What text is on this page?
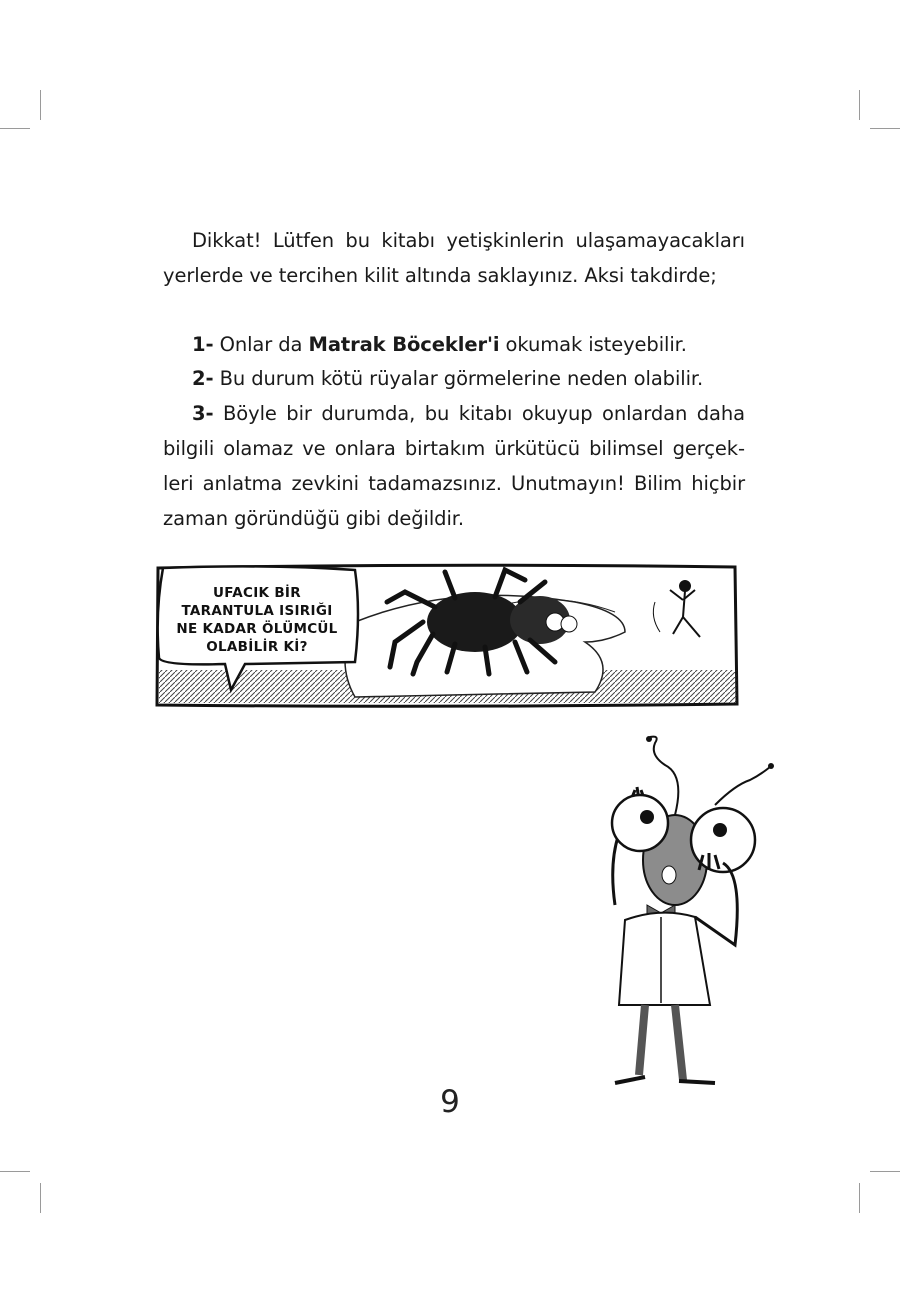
Dikkat! Lütfen bu kitabı yetişkinlerin ulaşamayacakları yerlerde ve tercihen kilit altında saklayınız. Aksi takdirde;

1- Onlar da Matrak Böcekler'i okumak isteyebilir.

2- Bu durum kötü rüyalar görmelerine neden olabilir.

3- Böyle bir durumda, bu kitabı okuyup onlardan daha bilgili olamaz ve onlara birtakım ürkütücü bilimsel gerçekleri anlatma zevkini tadamazsınız. Unutmayın! Bilim hiçbir zaman göründüğü gibi değildir.

UFACIK BİR
TARANTULA ISIRIĞI
NE KADAR ÖLÜMCÜL
OLABİLİR Kİ?
9
